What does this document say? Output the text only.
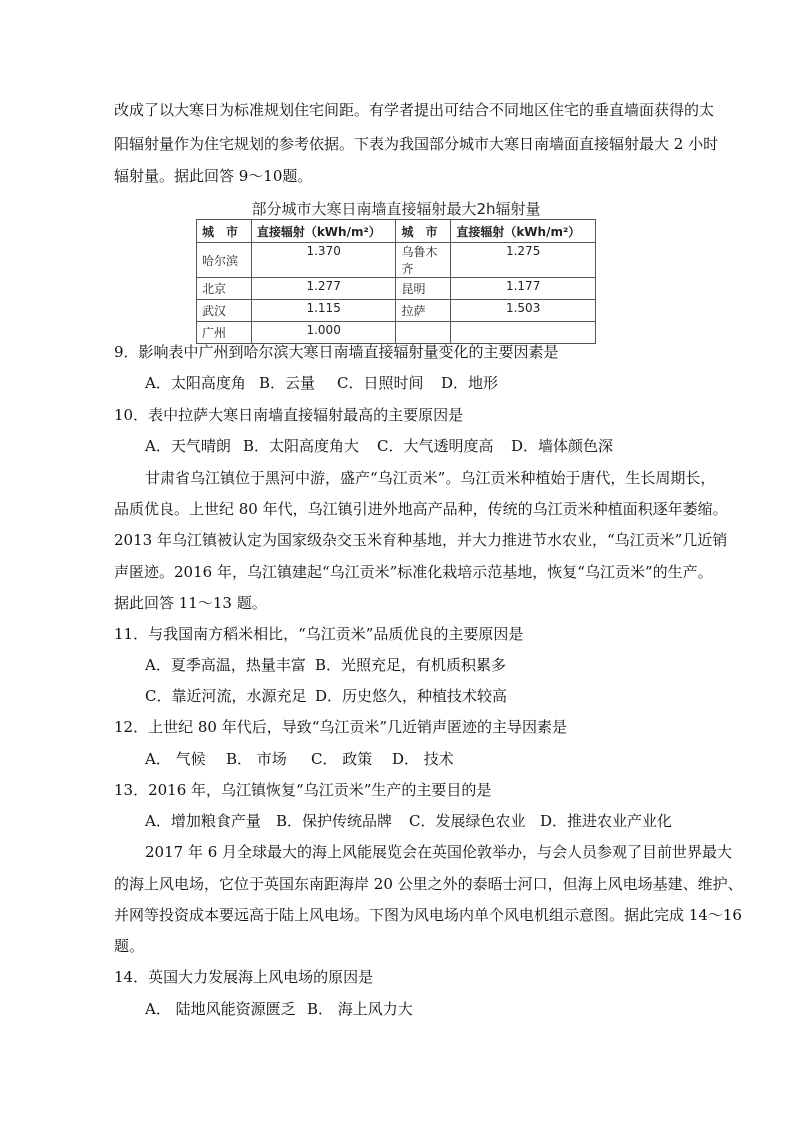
改成了以大寒日为标准规划住宅间距。有学者提出可结合不同地区住宅的垂直墙面获得的太
阳辐射量作为住宅规划的参考依据。下表为我国部分城市大寒日南墙面直接辐射最大 2 小时
辐射量。据此回答 9～10题。
部分城市大寒日南墙直接辐射最大2h辐射量
城　市	直接辐射（kWh/m²）	城　市	直接辐射（kWh/m²）
哈尔滨	1.370	乌鲁木齐	1.275
北京	1.277	昆明	1.177
武汉	1.115	拉萨	1.503
广州	1.000		
9．影响表中广州到哈尔滨大寒日南墙直接辐射量变化的主要因素是
A．太阳高度角 B．云量 C．日照时间 D．地形
10．表中拉萨大寒日南墙直接辐射最高的主要原因是
A．天气晴朗 B．太阳高度角大 C．大气透明度高 D．墙体颜色深
甘肃省乌江镇位于黑河中游，盛产“乌江贡米”。乌江贡米种植始于唐代，生长周期长，
品质优良。上世纪 80 年代，乌江镇引进外地高产品种，传统的乌江贡米种植面积逐年萎缩。
2013 年乌江镇被认定为国家级杂交玉米育种基地，并大力推进节水农业，“乌江贡米”几近销
声匿迹。2016 年，乌江镇建起“乌江贡米”标准化栽培示范基地，恢复“乌江贡米”的生产。
据此回答 11～13 题。
11．与我国南方稻米相比，“乌江贡米”品质优良的主要原因是
A．夏季高温，热量丰富 B．光照充足，有机质积累多
C．靠近河流，水源充足 D．历史悠久，种植技术较高
12．上世纪 80 年代后，导致“乌江贡米”几近销声匿迹的主导因素是
A． 气候 B． 市场 C． 政策 D． 技术
13．2016 年，乌江镇恢复“乌江贡米”生产的主要目的是
A．增加粮食产量 B．保护传统品牌 C．发展绿色农业 D．推进农业产业化
2017 年 6 月全球最大的海上风能展览会在英国伦敦举办，与会人员参观了目前世界最大
的海上风电场，它位于英国东南距海岸 20 公里之外的泰晤士河口，但海上风电场基建、维护、
并网等投资成本要远高于陆上风电场。下图为风电场内单个风电机组示意图。据此完成 14～16
题。
14．英国大力发展海上风电场的原因是
A． 陆地风能资源匮乏 B． 海上风力大
